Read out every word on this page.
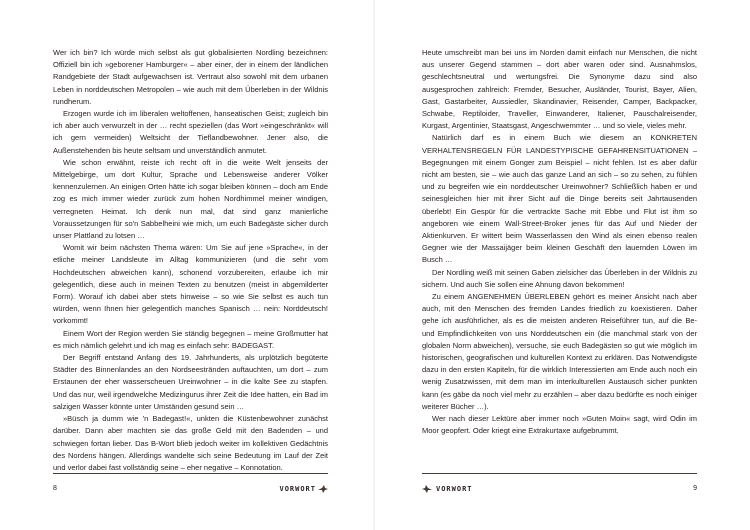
Wer ich bin? Ich würde mich selbst als gut globalisierten Nordling bezeichnen: Offiziell bin ich »geborener Hamburger« – aber einer, der in einem der ländlichen Randgebiete der Stadt aufgewachsen ist. Vertraut also sowohl mit dem urbanen Leben in norddeutschen Metropolen – wie auch mit dem Überleben in der Wildnis rundherum.

Erzogen wurde ich im liberalen weltoffenen, hanseatischen Geist; zugleich bin ich aber auch verwurzelt in der … recht speziellen (das Wort »eingeschränkt« will ich gern vermeiden) Weltsicht der Tieflandbewohner. Jener also, die Außenstehenden bis heute seltsam und unverständlich anmutet.

Wie schon erwähnt, reiste ich recht oft in die weite Welt jenseits der Mittelgebirge, um dort Kultur, Sprache und Lebensweise anderer Völker kennenzulernen. An einigen Orten hätte ich sogar bleiben können – doch am Ende zog es mich immer wieder zurück zum hohen Nordhimmel meiner windigen, verregneten Heimat. Ich denk nun mal, dat sind ganz manierliche Voraussetzungen für so'n Sabbelheini wie mich, um euch Badegäste sicher durch unser Plattland zu lotsen …

Womit wir beim nächsten Thema wären: Um Sie auf jene »Sprache«, in der etliche meiner Landsleute im Alltag kommunizieren (und die sehr vom Hochdeutschen abweichen kann), schonend vorzubereiten, erlaube ich mir gelegentlich, diese auch in meinen Texten zu benutzen (meist in abgemilderter Form). Worauf ich dabei aber stets hinweise – so wie Sie selbst es auch tun würden, wenn Ihnen hier gelegentlich manches Spanisch … nein: Norddeutsch! vorkommt!

Einem Wort der Region werden Sie ständig begegnen – meine Großmutter hat es mich nämlich gelehrt und ich mag es einfach sehr: BADEGAST.

Der Begriff entstand Anfang des 19. Jahrhunderts, als urplötzlich begüterte Städter des Binnenlandes an den Nordseestränden auftauchten, um dort – zum Erstaunen der eher wasserscheuen Ureinwohner – in die kalte See zu stapfen. Und das nur, weil irgendwelche Medizingurus ihrer Zeit die Idee hatten, ein Bad im salzigen Wasser könnte unter Umständen gesund sein …

»Büsch ja dumm wie 'n Badegast!«, unkten die Küstenbewohner zunächst darüber. Dann aber machten sie das große Geld mit den Badenden – und schwiegen fortan lieber. Das B-Wort blieb jedoch weiter im kollektiven Gedächtnis des Nordens hängen. Allerdings wandelte sich seine Bedeutung im Lauf der Zeit und verlor dabei fast vollständig seine – eher negative – Konnotation.

8	VORWORT

Heute umschreibt man bei uns im Norden damit einfach nur Menschen, die nicht aus unserer Gegend stammen – dort aber waren oder sind. Ausnahmslos, geschlechtsneutral und wertungsfrei. Die Synonyme dazu sind also ausgesprochen zahlreich: Fremder, Besucher, Ausländer, Tourist, Bayer, Alien, Gast, Gastarbeiter, Aussiedler, Skandinavier, Reisender, Camper, Backpacker, Schwabe, Reptiloider, Traveller, Einwanderer, Italiener, Pauschalreisender, Kurgast, Argentinier, Staatsgast, Angeschwemmter … und so viele, vieles mehr.

Natürlich darf es in einem Buch wie diesem an KONKRETEN VERHALTENSREGELN FÜR LANDESTYPISCHE GEFAHRENSITUATIONEN – Begegnungen mit einem Gonger zum Beispiel – nicht fehlen. Ist es aber dafür nicht am besten, sie – wie auch das ganze Land an sich – so zu sehen, zu fühlen und zu begreifen wie ein norddeutscher Ureinwohner? Schließlich haben er und seinesgleichen hier mit ihrer Sicht auf die Dinge bereits seit Jahrtausenden überlebt! Ein Gespür für die vertrackte Sache mit Ebbe und Flut ist ihm so angeboren wie einem Wall-Street-Broker jenes für das Auf und Nieder der Aktienkurven. Er wittert beim Wasserlassen den Wind als einen ebenso realen Gegner wie der Massaijäger beim kleinen Geschäft den lauernden Löwen im Busch …

Der Nordling weiß mit seinen Gaben zielsicher das Überleben in der Wildnis zu sichern. Und auch Sie sollen eine Ahnung davon bekommen!

Zu einem ANGENEHMEN ÜBERLEBEN gehört es meiner Ansicht nach aber auch, mit den Menschen des fremden Landes friedlich zu koexistieren. Daher gehe ich ausführlicher, als es die meisten anderen Reiseführer tun, auf die Be- und Empfindlichkeiten von uns Norddeutschen ein (die manchmal stark von der globalen Norm abweichen), versuche, sie euch Badegästen so gut wie möglich im historischen, geografischen und kulturellen Kontext zu erklären. Das Notwendigste dazu in den ersten Kapiteln, für die wirklich Interessierten am Ende auch noch ein wenig Zusatzwissen, mit dem man im interkulturellen Austausch sicher punkten kann (es gäbe da noch viel mehr zu erzählen – aber dazu bedürfte es noch einiger weiterer Bücher …).

Wer nach dieser Lektüre aber immer noch »Guten Moin« sagt, wird Odin im Moor geopfert. Oder kriegt eine Extrakurtaxe aufgebrummt.

VORWORT	9
